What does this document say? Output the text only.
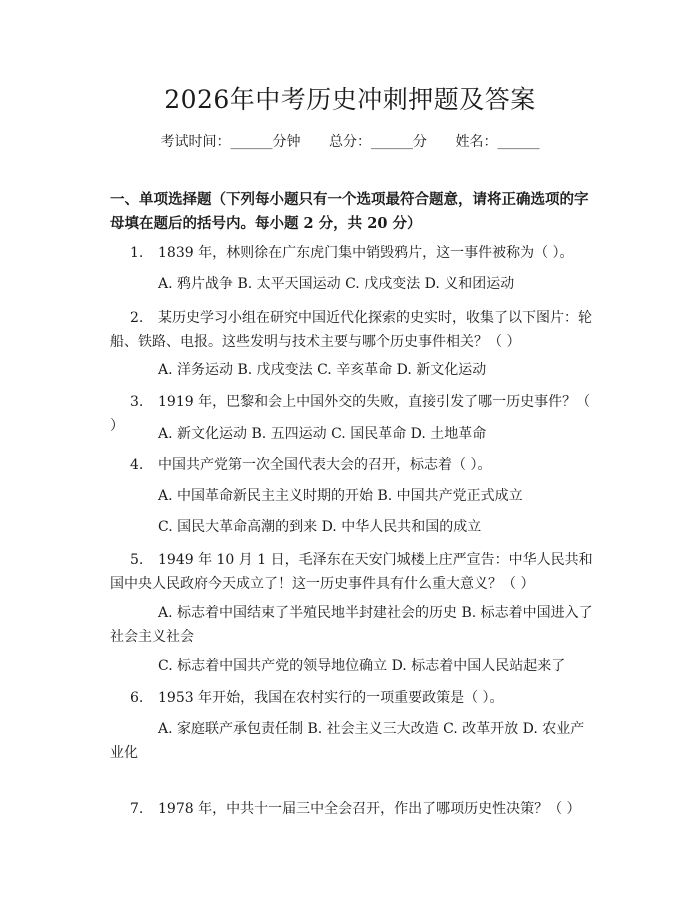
2026年中考历史冲刺押题及答案
考试时间：______分钟 总分：______分 姓名：______
一、单项选择题（下列每小题只有一个选项最符合题意，请将正确选项的字母填在题后的括号内。每小题 2 分，共 20 分）
1. 1839 年，林则徐在广东虎门集中销毁鸦片，这一事件被称为（ ）。
A. 鸦片战争 B. 太平天国运动 C. 戊戌变法 D. 义和团运动
2. 某历史学习小组在研究中国近代化探索的史实时，收集了以下图片：轮船、铁路、电报。这些发明与技术主要与哪个历史事件相关？（ ）
A. 洋务运动 B. 戊戌变法 C. 辛亥革命 D. 新文化运动
3. 1919 年，巴黎和会上中国外交的失败，直接引发了哪一历史事件？（ ）	A. 新文化运动 B. 五四运动 C. 国民革命 D. 土地革命
4. 中国共产党第一次全国代表大会的召开，标志着（ ）。
A. 中国革命新民主主义时期的开始 B. 中国共产党正式成立
C. 国民大革命高潮的到来 D. 中华人民共和国的成立
5. 1949 年 10 月 1 日，毛泽东在天安门城楼上庄严宣告：中华人民共和国中央人民政府今天成立了！这一历史事件具有什么重大意义？（ ）
A. 标志着中国结束了半殖民地半封建社会的历史 B. 标志着中国进入了社会主义社会
C. 标志着中国共产党的领导地位确立 D. 标志着中国人民站起来了
6. 1953 年开始，我国在农村实行的一项重要政策是（ ）。
A. 家庭联产承包责任制 B. 社会主义三大改造 C. 改革开放 D. 农业产业化
7. 1978 年，中共十一届三中全会召开，作出了哪项历史性决策？（ ）
